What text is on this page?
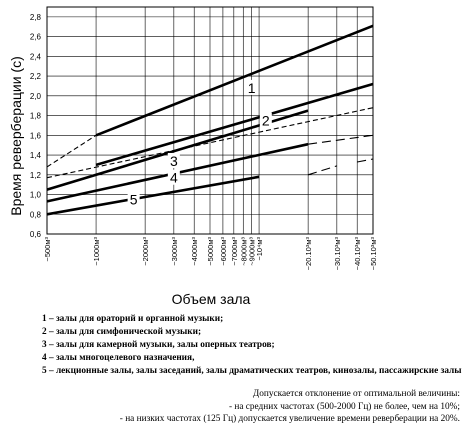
0,6
0,8
1,0
1,2
1,4
1,6
1,8
2,0
2,2
2,4
2,6
2,8
~500м³	~1000м³	~2000м³	~3000м³ ~4000м³ ~5000м³ ~6000м³ ~7000м³ ~8000м³ ~9000м³
~10⁴м³	~20.10³м³	~30.10³м³ ~40.10³м³ ~50.10³м³
1
2
3
4
5
Время реверберации (с)
Объем зала
1 – залы для ораторий и органной музыки;
2 – залы для симфонической музыки;
3 – залы для камерной музыки, залы оперных театров;
4 – залы многоцелевого назначения,
5 – лекционные залы, залы заседаний, залы драматических театров, кинозалы, пассажирские залы
Допускается отклонение от оптимальной величины:
- на средних частотах (500-2000 Гц) не более, чем на 10%;
- на низких частотах (125 Гц) допускается увеличение времени реверберации на 20%.
